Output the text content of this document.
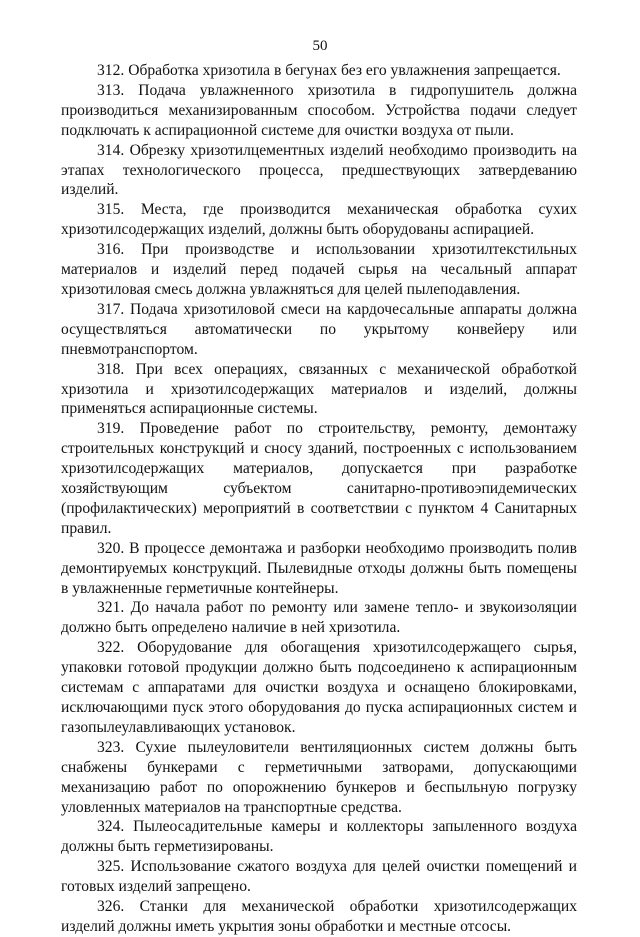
50

312. Обработка хризотила в бегунах без его увлажнения запрещается.

313. Подача увлажненного хризотила в гидропушитель должна производиться механизированным способом. Устройства подачи следует подключать к аспирационной системе для очистки воздуха от пыли.

314. Обрезку хризотилцементных изделий необходимо производить на этапах технологического процесса, предшествующих затвердеванию изделий.

315. Места, где производится механическая обработка сухих хризотилсодержащих изделий, должны быть оборудованы аспирацией.

316. При производстве и использовании хризотилтекстильных материалов и изделий перед подачей сырья на чесальный аппарат хризотиловая смесь должна увлажняться для целей пылеподавления.

317. Подача хризотиловой смеси на кардочесальные аппараты должна осуществляться автоматически по укрытому конвейеру или пневмотранспортом.

318. При всех операциях, связанных с механической обработкой хризотила и хризотилсодержащих материалов и изделий, должны применяться аспирационные системы.

319. Проведение работ по строительству, ремонту, демонтажу строительных конструкций и сносу зданий, построенных с использованием хризотилсодержащих материалов, допускается при разработке хозяйствующим субъектом санитарно-противоэпидемических (профилактических) мероприятий в соответствии с пунктом 4 Санитарных правил.

320. В процессе демонтажа и разборки необходимо производить полив демонтируемых конструкций. Пылевидные отходы должны быть помещены в увлажненные герметичные контейнеры.

321. До начала работ по ремонту или замене тепло- и звукоизоляции должно быть определено наличие в ней хризотила.

322. Оборудование для обогащения хризотилсодержащего сырья, упаковки готовой продукции должно быть подсоединено к аспирационным системам с аппаратами для очистки воздуха и оснащено блокировками, исключающими пуск этого оборудования до пуска аспирационных систем и газопылеулавливающих установок.

323. Сухие пылеуловители вентиляционных систем должны быть снабжены бункерами с герметичными затворами, допускающими механизацию работ по опорожнению бункеров и беспыльную погрузку уловленных материалов на транспортные средства.

324. Пылеосадительные камеры и коллекторы запыленного воздуха должны быть герметизированы.

325. Использование сжатого воздуха для целей очистки помещений и готовых изделий запрещено.

326. Станки для механической обработки хризотилсодержащих изделий должны иметь укрытия зоны обработки и местные отсосы.
